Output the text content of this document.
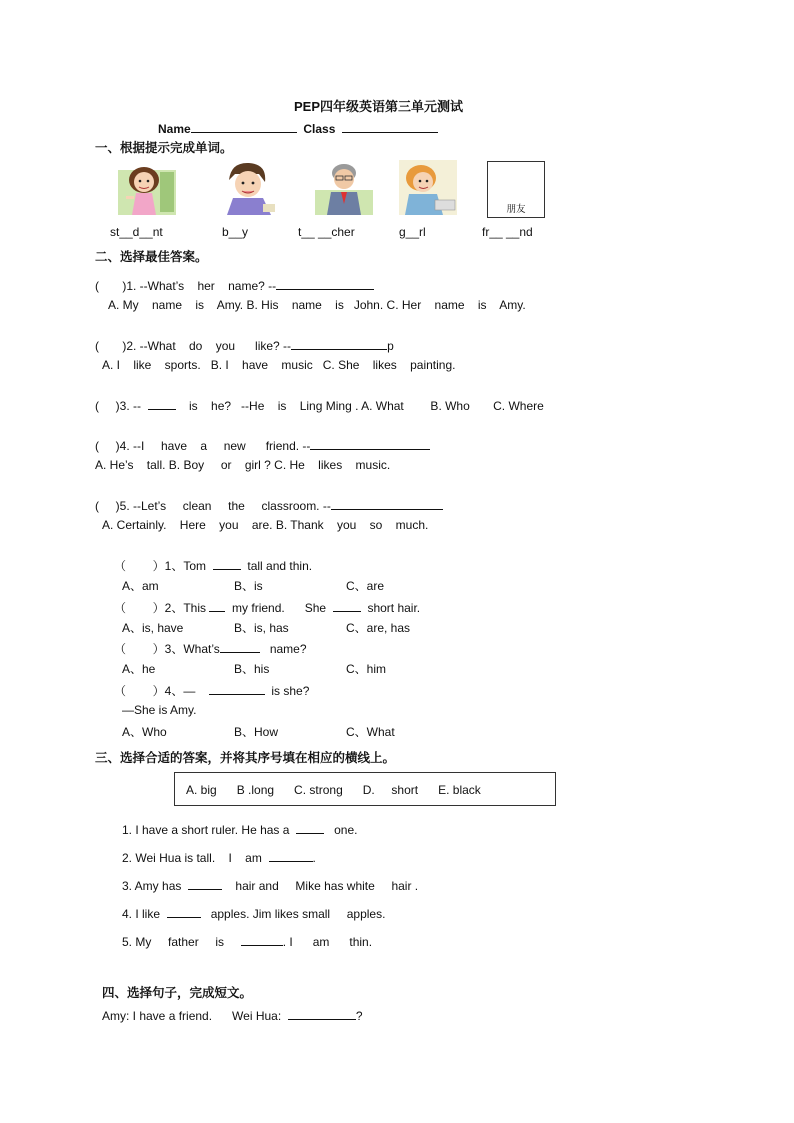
PEP四年级英语第三单元测试
Name	Class
一、根据提示完成单词。
朋友
st__d__nt	b__y	t__ __cher	g__rl	fr__ __nd
二、选择最佳答案。
(       )1. --What’s    her    name? --
A. My    name    is    Amy. B. His    name    is   John. C. Her    name    is    Amy.
(       )2. --What    do    you      like? --	p
A. I    like    sports.   B. I    have    music   C. She    likes    painting.
(     )3. --	is    he?   --He    is    Ling Ming . A. What        B. Who       C. Where
(     )4. --I     have    a     new      friend. --
A. He’s    tall. B. Boy     or    girl ? C. He    likes    music.
(     )5. --Let’s     clean     the     classroom. --
A. Certainly.    Here    you    are. B. Thank    you    so    much.
（        ）1、Tom	tall and thin.
A、am	B、is	C、are
（        ）2、This my friend.      She	short hair.
A、is, have	B、is, has	C、are, has
（        ）3、What’s	name?
A、he	B、his	C、him
（        ）4、—	is she?
—She is Amy.
A、Who	B、How	C、What
三、选择合适的答案，并将其序号填在相应的横线上。
A. big      B .long      C. strong      D.     short      E. black
1. I have a short ruler. He has a	one.
2. Wei Hua is tall.    I    am	.
3. Amy has	hair and     Mike has white     hair .
4. I like	apples. Jim likes small     apples.
5. My     father     is	. I      am      thin.
四、选择句子，完成短文。
Amy: I have a friend.      Wei Hua:	?
